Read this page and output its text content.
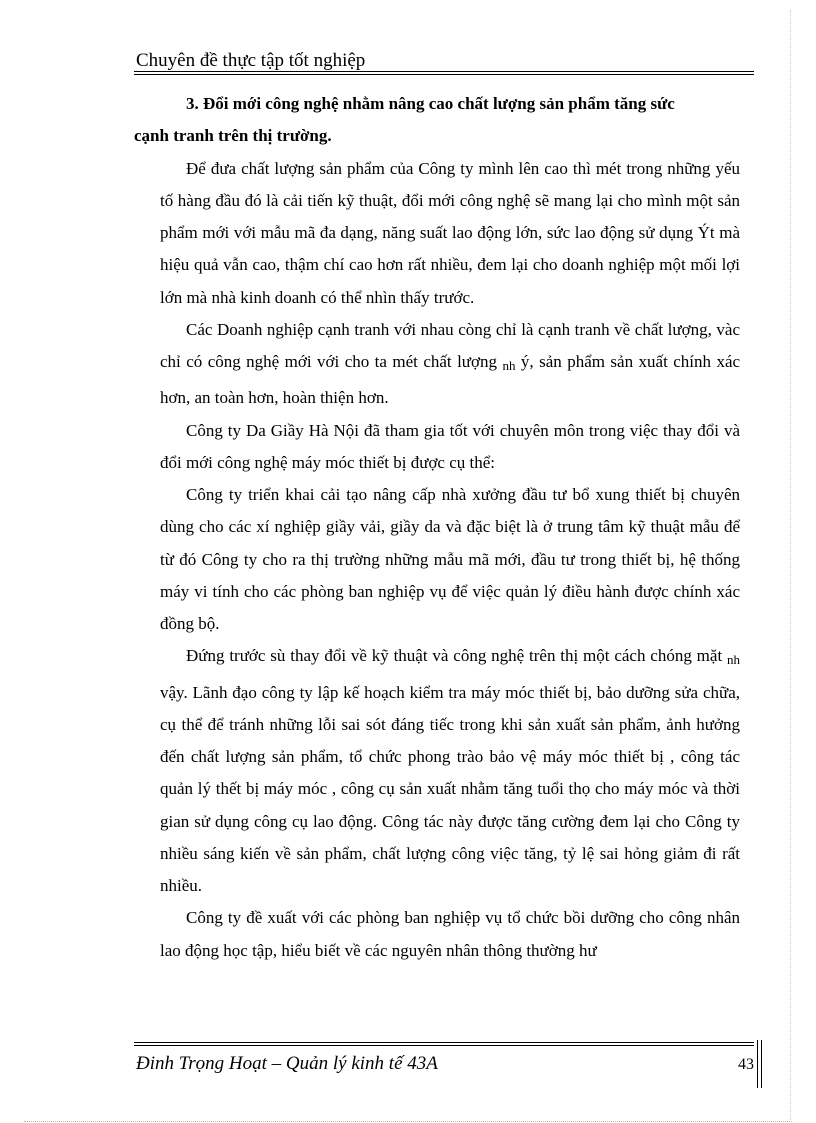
Chuyên đề thực tập tốt nghiệp

3. Đổi mới công nghệ nhằm nâng cao chất lượng sản phẩm tăng sức
cạnh tranh trên thị trường.

Để đưa chất lượng sản phẩm của Công ty mình lên cao thì mét trong những yếu tố hàng đầu đó là cải tiến kỹ thuật, đổi mới công nghệ sẽ mang lại cho mình một sản phẩm mới với mẫu mã đa dạng, năng suất lao động lớn, sức lao động sử dụng Ýt mà hiệu quả vẫn cao, thậm chí cao hơn rất nhiều, đem lại cho doanh nghiệp một mối lợi lớn mà nhà kinh doanh có thể nhìn thấy trước.

Các Doanh nghiệp cạnh tranh với nhau còng chỉ là cạnh tranh về chất lượng, vàc chỉ có công nghệ mới với cho ta mét chất lượng nh ý, sản phẩm sản xuất chính xác hơn, an toàn hơn, hoàn thiện hơn.

Công ty Da Giầy Hà Nội đã tham gia tốt với chuyên môn trong việc thay đổi và đổi mới công nghệ máy móc thiết bị được cụ thể:

Công ty triển khai cải tạo nâng cấp nhà xưởng đầu tư bổ xung thiết bị chuyên dùng cho các xí nghiệp giầy vải, giầy da và đặc biệt là ở trung tâm kỹ thuật mẫu để từ đó Công ty cho ra thị trường những mẫu mã mới, đầu tư trong thiết bị, hệ thống máy vi tính cho các phòng ban nghiệp vụ để việc quản lý điều hành được chính xác đồng bộ.

Đứng trước sù thay đổi về kỹ thuật và công nghệ trên thị một cách chóng mặt nh vậy. Lãnh đạo công ty lập kế hoạch kiểm tra máy móc thiết bị, bảo dưỡng sửa chữa, cụ thể để tránh những lỗi sai sót đáng tiếc trong khi sản xuất sản phẩm, ảnh hưởng đến chất lượng sản phẩm, tổ chức phong trào bảo vệ máy móc thiết bị , công tác quản lý thết bị máy móc , công cụ sản xuất nhằm tăng tuổi thọ cho máy móc và thời gian sử dụng công cụ lao động. Công tác này được tăng cường đem lại cho Công ty nhiều sáng kiến về sản phẩm, chất lượng công việc tăng, tỷ lệ sai hỏng giảm đi rất nhiều.

Công ty đề xuất với các phòng ban nghiệp vụ tổ chức bồi dưỡng cho công nhân lao động học tập, hiểu biết về các nguyên nhân thông thường hư

Đinh Trọng Hoạt – Quản lý kinh tế 43A	43
